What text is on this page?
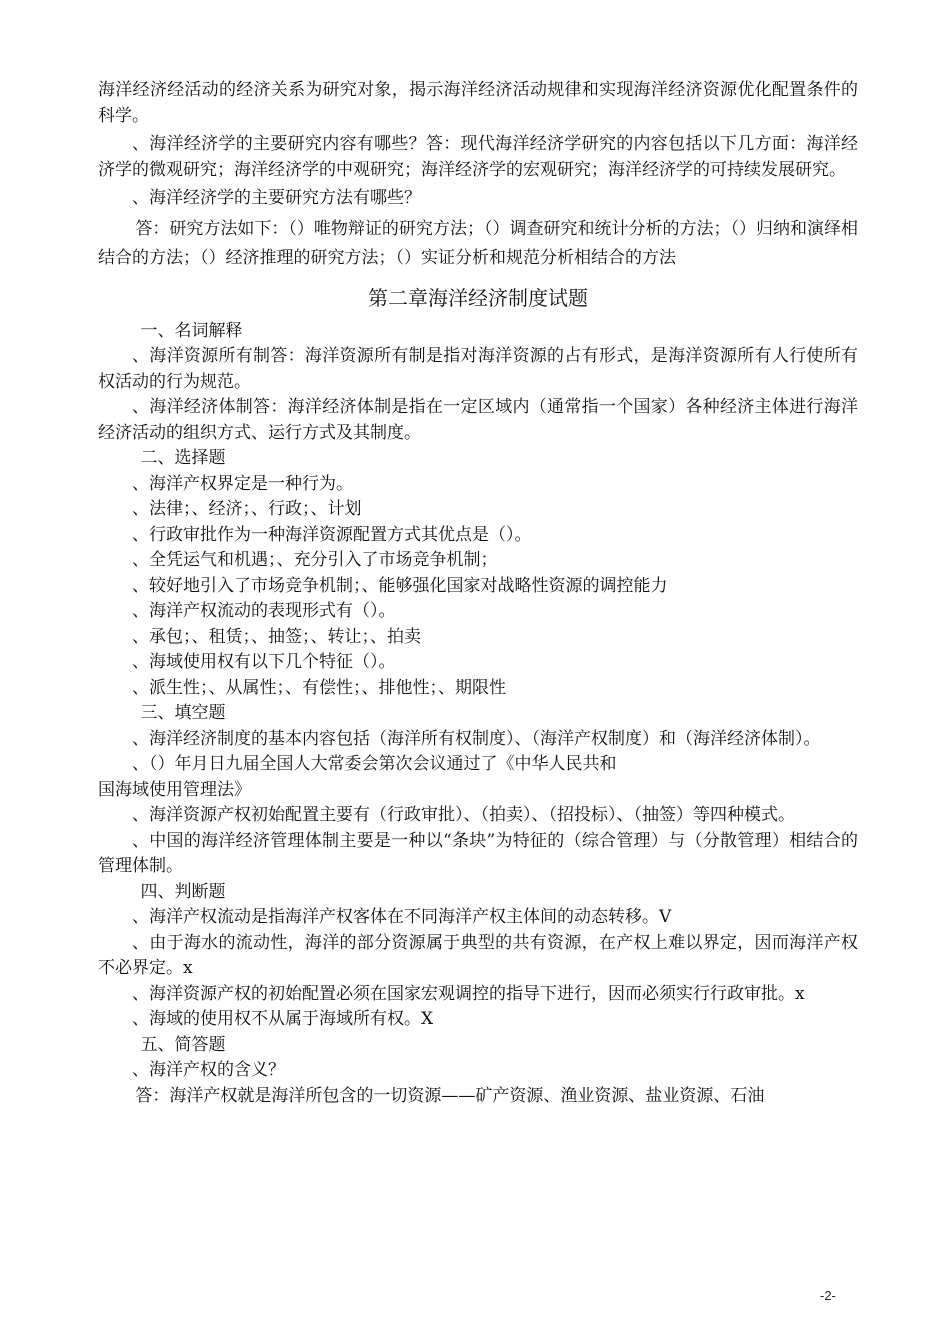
海洋经济经活动的经济关系为研究对象，揭示海洋经济活动规律和实现海洋经济资源优化配置条件的科学。

、海洋经济学的主要研究内容有哪些？答：现代海洋经济学研究的内容包括以下几方面：海洋经济学的微观研究；海洋经济学的中观研究；海洋经济学的宏观研究；海洋经济学的可持续发展研究。

、海洋经济学的主要研究方法有哪些？

答：研究方法如下：（）唯物辩证的研究方法；（）调查研究和统计分析的方法；（）归纳和演绎相结合的方法；（）经济推理的研究方法；（）实证分析和规范分析相结合的方法

第二章海洋经济制度试题

一、名词解释

、海洋资源所有制答：海洋资源所有制是指对海洋资源的占有形式，是海洋资源所有人行使所有权活动的行为规范。

、海洋经济体制答：海洋经济体制是指在一定区域内（通常指一个国家）各种经济主体进行海洋经济活动的组织方式、运行方式及其制度。

二、选择题

、海洋产权界定是一种行为。

、法律；、经济；、行政；、计划

、行政审批作为一种海洋资源配置方式其优点是（）。

、全凭运气和机遇；、充分引入了市场竞争机制；

、较好地引入了市场竞争机制；、能够强化国家对战略性资源的调控能力

、海洋产权流动的表现形式有（）。

、承包；、租赁；、抽签；、转让；、拍卖

、海域使用权有以下几个特征（）。

、派生性；、从属性；、有偿性；、排他性；、期限性

三、填空题

、海洋经济制度的基本内容包括（海洋所有权制度）、（海洋产权制度）和（海洋经济体制）。

、（）年月日九届全国人大常委会第次会议通过了《中华人民共和

国海域使用管理法》

、海洋资源产权初始配置主要有（行政审批）、（拍卖）、（招投标）、（抽签）等四种模式。

、中国的海洋经济管理体制主要是一种以“条块”为特征的（综合管理）与（分散管理）相结合的管理体制。

四、判断题

、海洋产权流动是指海洋产权客体在不同海洋产权主体间的动态转移。V

、由于海水的流动性，海洋的部分资源属于典型的共有资源，在产权上难以界定，因而海洋产权不必界定。x

、海洋资源产权的初始配置必须在国家宏观调控的指导下进行，因而必须实行行政审批。x

、海域的使用权不从属于海域所有权。X

五、简答题

、海洋产权的含义？

答：海洋产权就是海洋所包含的一切资源——矿产资源、渔业资源、盐业资源、石油

-2-
